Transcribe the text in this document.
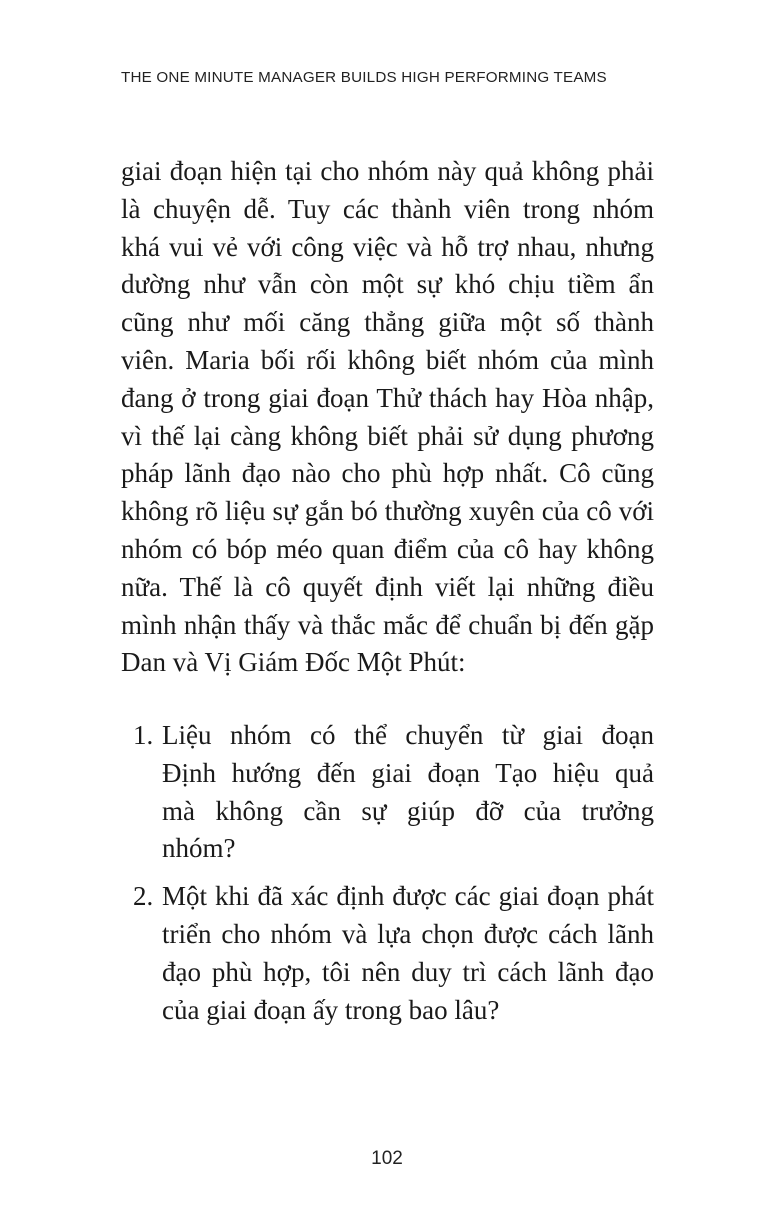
THE ONE MINUTE MANAGER BUILDS HIGH PERFORMING TEAMS
giai đoạn hiện tại cho nhóm này quả không phải
là chuyện dễ. Tuy các thành viên trong nhóm
khá vui vẻ với công việc và hỗ trợ nhau, nhưng
dường như vẫn còn một sự khó chịu tiềm ẩn
cũng như mối căng thẳng giữa một số thành
viên. Maria bối rối không biết nhóm của mình
đang ở trong giai đoạn Thử thách hay Hòa nhập,
vì thế lại càng không biết phải sử dụng phương
pháp lãnh đạo nào cho phù hợp nhất. Cô cũng
không rõ liệu sự gắn bó thường xuyên của cô với
nhóm có bóp méo quan điểm của cô hay không
nữa. Thế là cô quyết định viết lại những điều
mình nhận thấy và thắc mắc để chuẩn bị đến gặp
Dan và Vị Giám Đốc Một Phút:
1. Liệu nhóm có thể chuyển từ giai đoạn
Định hướng đến giai đoạn Tạo hiệu quả
mà không cần sự giúp đỡ của trưởng
nhóm?
2. Một khi đã xác định được các giai đoạn phát
triển cho nhóm và lựa chọn được cách lãnh
đạo phù hợp, tôi nên duy trì cách lãnh đạo
của giai đoạn ấy trong bao lâu?
102
